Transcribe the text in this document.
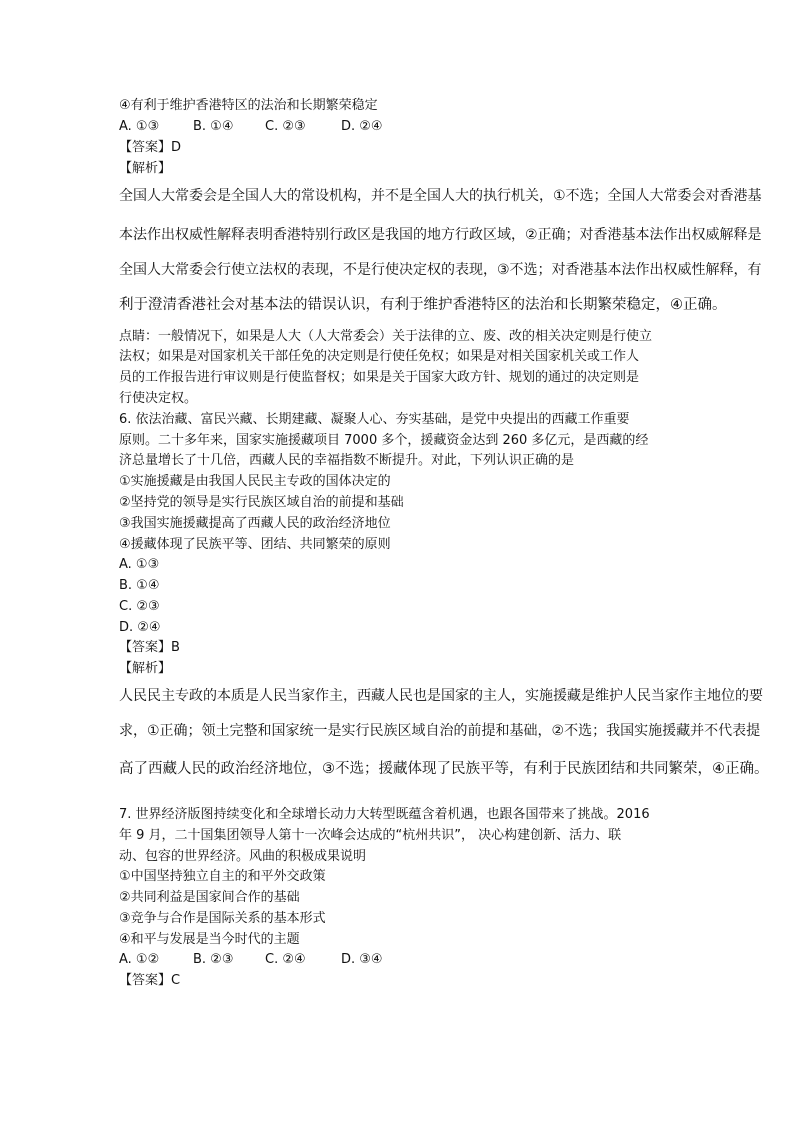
④有利于维护香港特区的法治和长期繁荣稳定
A. ①③	B. ①④ C. ②③	D. ②④
【答案】D
【解析】
全国人大常委会是全国人大的常设机构，并不是全国人大的执行机关，①不选；全国人大常委会对香港基
本法作出权威性解释表明香港特别行政区是我国的地方行政区域，②正确；对香港基本法作出权威解释是
全国人大常委会行使立法权的表现，不是行使决定权的表现，③不选；对香港基本法作出权威性解释，有
利于澄清香港社会对基本法的错误认识，有利于维护香港特区的法治和长期繁荣稳定，④正确。
点睛：一般情况下，如果是人大（人大常委会）关于法律的立、废、改的相关决定则是行使立
法权；如果是对国家机关干部任免的决定则是行使任免权；如果是对相关国家机关或工作人
员的工作报告进行审议则是行使监督权；如果是关于国家大政方针、规划的通过的决定则是
行使决定权。
6. 依法治藏、富民兴藏、长期建藏、凝聚人心、夯实基础，是党中央提出的西藏工作重要
原则。二十多年来，国家实施援藏项目 7000 多个，援藏资金达到 260 多亿元，是西藏的经
济总量增长了十几倍，西藏人民的幸福指数不断提升。对此，下列认识正确的是
①实施援藏是由我国人民民主专政的国体决定的
②坚持党的领导是实行民族区域自治的前提和基础
③我国实施援藏提高了西藏人民的政治经济地位
④援藏体现了民族平等、团结、共同繁荣的原则
A. ①③
B. ①④
C. ②③
D. ②④
【答案】B
【解析】
人民民主专政的本质是人民当家作主，西藏人民也是国家的主人，实施援藏是维护人民当家作主地位的要
求，①正确；领土完整和国家统一是实行民族区域自治的前提和基础，②不选；我国实施援藏并不代表提
高了西藏人民的政治经济地位，③不选；援藏体现了民族平等，有利于民族团结和共同繁荣，④正确。
7. 世界经济版图持续变化和全球增长动力大转型既蕴含着机遇，也跟各国带来了挑战。2016
年 9 月，二十国集团领导人第十一次峰会达成的“杭州共识”， 决心构建创新、活力、联
动、包容的世界经济。风曲的积极成果说明
①中国坚持独立自主的和平外交政策
②共同利益是国家间合作的基础
③竞争与合作是国际关系的基本形式
④和平与发展是当今时代的主题
A. ①②	B. ②③ C. ②④	D. ③④
【答案】C
